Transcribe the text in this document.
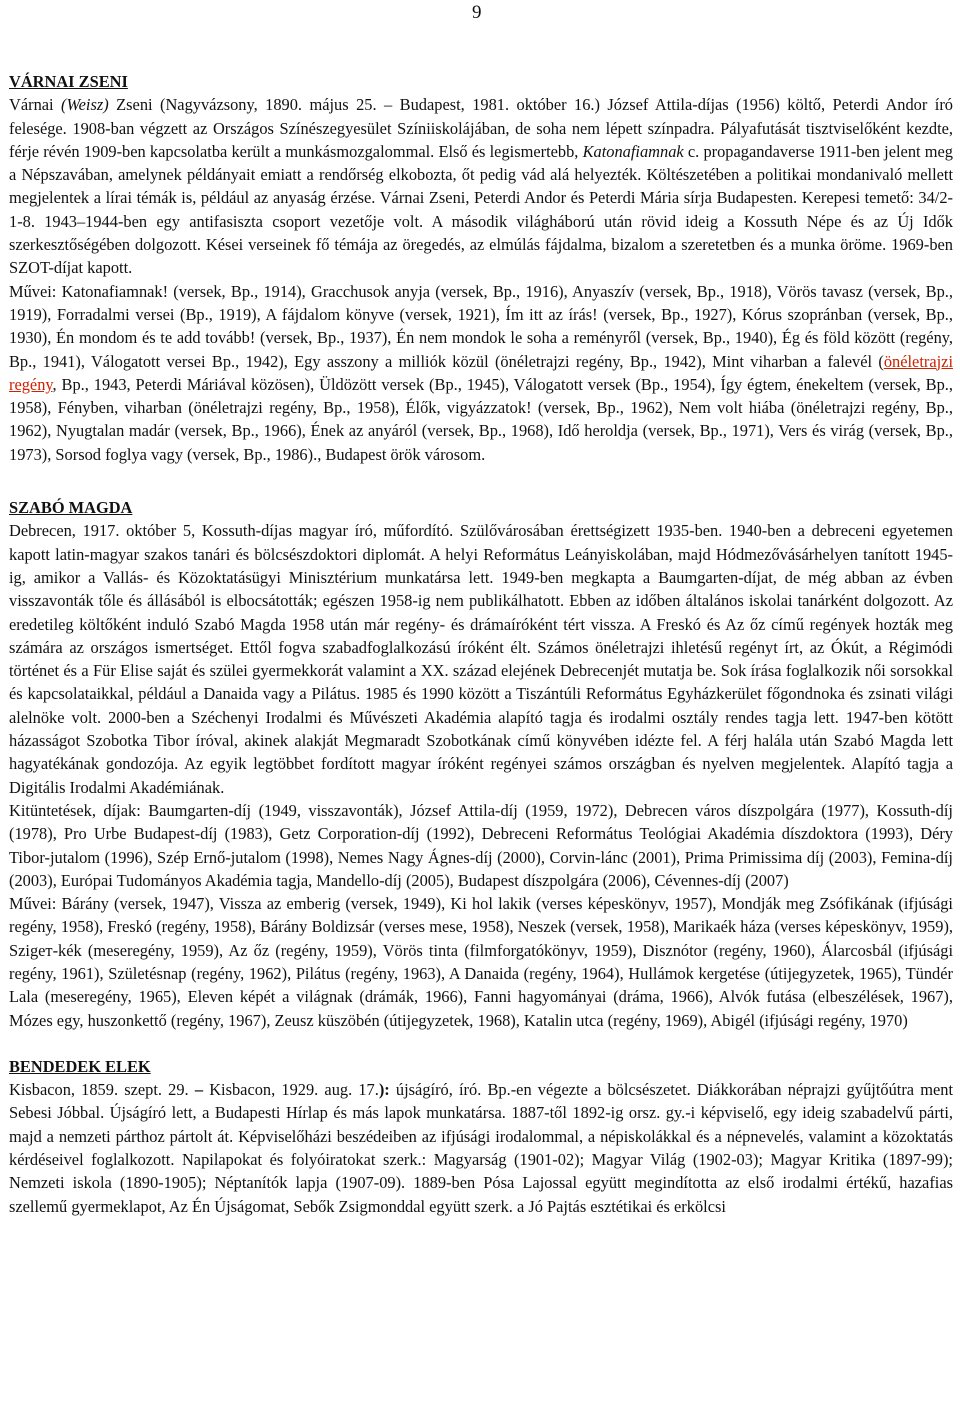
9
VÁRNAI ZSENI

Várnai (Weisz) Zseni (Nagyvázsony, 1890. május 25. – Budapest, 1981. október 16.) József Attila-díjas (1956) költő, Peterdi Andor író felesége. 1908-ban végzett az Országos Színészegyesület Színiiskolájában, de soha nem lépett színpadra. Pályafutását tisztviselőként kezdte, férje révén 1909-ben kapcsolatba került a munkásmozgalommal. Első és legismertebb, Katonafiamnak c. propagandaverse 1911-ben jelent meg a Népszavában, amelynek példányait emiatt a rendőrség elkobozta, őt pedig vád alá helyezték. Költészetében a politikai mondanivaló mellett megjelentek a lírai témák is, például az anyaság érzése. Várnai Zseni, Peterdi Andor és Peterdi Mária sírja Budapesten. Kerepesi temető: 34/2-1-8. 1943–1944-ben egy antifasiszta csoport vezetője volt. A második világháború után rövid ideig a Kossuth Népe és az Új Idők szerkesztőségében dolgozott. Kései verseinek fő témája az öregedés, az elmúlás fájdalma, bizalom a szeretetben és a munka örömе. 1969-ben SZOT-díjat kapott.

Művei: Katonafiamnak! (versek, Bp., 1914), Gracchusok anyja (versek, Bp., 1916), Anyaszív (versek, Bp., 1918), Vörös tavasz (versek, Bp., 1919), Forradalmi versei (Bp., 1919), A fájdalom könyve (versek, 1921), Ím itt az írás! (versek, Bp., 1927), Kórus szopránban (versek, Bp., 1930), Én mondom és te add tovább! (versek, Bp., 1937), Én nem mondok le soha a reményről (versek, Bp., 1940), Ég és föld között (regény, Bp., 1941), Válogatott versei Bp., 1942), Egy asszony a milliók közül (önéletrajzi regény, Bp., 1942), Mint viharban a falevél (önéletrajzi regény, Bp., 1943, Peterdi Máriával közösen), Üldözött versek (Bp., 1945), Válogatott versek (Bp., 1954), Így égtem, énekeltem (versek, Bp., 1958), Fényben, viharban (önéletrajzi regény, Bp., 1958), Élők, vigyázzatok! (versek, Bp., 1962), Nem volt hiába (önéletrajzi regény, Bp., 1962), Nyugtalan madár (versek, Bp., 1966), Ének az anyáról (versek, Bp., 1968), Idő heroldja (versek, Bp., 1971), Vers és virág (versek, Bp., 1973), Sorsod foglya vagy (versek, Bp., 1986)., Budapest örök városom.

SZABÓ MAGDA

Debrecen, 1917. október 5, Kossuth-díjas magyar író, műfordító. Szülővárosában érettségizett 1935-ben. 1940-ben a debreceni egyetemen kapott latin-magyar szakos tanári és bölcsészdoktori diplomát. A helyi Református Leányiskolában, majd Hódmezővásárhelyen tanított 1945-ig, amikor a Vallás- és Közoktatásügyi Minisztérium munkatársa lett. 1949-ben megkapta a Baumgarten-díjat, de még abban az évben visszavonták tőle és állásából is elbocsátották; egészen 1958-ig nem publikálhatott. Ebben az időben általános iskolai tanárként dolgozott. Az eredetileg költőként induló Szabó Magda 1958 után már regény- és drámaíróként tért vissza. A Freskó és Az őz című regények hozták meg számára az országos ismertséget. Ettől fogva szabadfoglalkozású íróként élt. Számos önéletrajzi ihletésű regényt írt, az Ókút, a Régimódi történet és a Für Elise saját és szülei gyermekkorát valamint a XX. század elejének Debrecenjét mutatja be. Sok írása foglalkozik női sorsokkal és kapcsolataikkal, például a Danaida vagy a Pilátus. 1985 és 1990 között a Tiszántúli Református Egyházkerület főgondnoka és zsinati világi alelnöke volt. 2000-ben a Széchenyi Irodalmi és Művészeti Akadémia alapító tagja és irodalmi osztály rendes tagja lett. 1947-ben kötött házasságot Szobotka Tibor íróval, akinek alakját Megmaradt Szobotkának című könyvében idézte fel. A férj halála után Szabó Magda lett hagyatékának gondozója. Az egyik legtöbbet fordított magyar íróként regényei számos országban és nyelven megjelentek. Alapító tagja a Digitális Irodalmi Akadémiának.

Kitüntetések, díjak: Baumgarten-díj (1949, visszavonták), József Attila-díj (1959, 1972), Debrecen város díszpolgára (1977), Kossuth-díj (1978), Pro Urbe Budapest-díj (1983), Getz Corporation-díj (1992), Debreceni Református Teológiai Akadémia díszdoktora (1993), Déry Tibor-jutalom (1996), Szép Ernő-jutalom (1998), Nemes Nagy Ágnes-díj (2000), Corvin-lánc (2001), Prima Primissima díj (2003), Femina-díj (2003), Európai Tudományos Akadémia tagja, Mandello-díj (2005), Budapest díszpolgára (2006), Cévennes-díj (2007)

Művei: Bárány (versek, 1947), Vissza az emberig (versek, 1949), Ki hol lakik (verses képeskönyv, 1957), Mondják meg Zsófikának (ifjúsági regény, 1958), Freskó (regény, 1958), Bárány Boldizsár (verses mese, 1958), Neszek (versek, 1958), Marikaék háza (verses képeskönyv, 1959), Szigет-kék (meseregény, 1959), Az őz (regény, 1959), Vörös tinta (filmforgatókönyv, 1959), Disznótor (regény, 1960), Álarcosbál (ifjúsági regény, 1961), Születésnap (regény, 1962), Pilátus (regény, 1963), A Danaida (regény, 1964), Hullámok kergetése (útijegyzetek, 1965), Tündér Lala (meseregény, 1965), Eleven képét a világnak (drámák, 1966), Fanni hagyományai (dráma, 1966), Alvók futása (elbeszélések, 1967), Mózes egy, huszonkettő (regény, 1967), Zeusz küszöbén (útijegyzetek, 1968), Katalin utca (regény, 1969), Abigél (ifjúsági regény, 1970)

BENDEDEK ELEK

Kisbacon, 1859. szept. 29. – Kisbacon, 1929. aug. 17.): újságíró, író. Bp.-en végezte a bölcsészetet. Diákkorában néprajzi gyűjtőútra ment Sebesi Jóbbal. Újságíró lett, a Budapesti Hírlap és más lapok munkatársa. 1887-től 1892-ig orsz. gy.-i képviselő, egy ideig szabadelvű párti, majd a nemzeti párthoz pártolt át. Képviselőházi beszédeiben az ifjúsági irodalommal, a népiskolákkal és a népnevelés, valamint a közoktatás kérdéseivel foglalkozott. Napilapokat és folyóiratokat szerk.: Magyarság (1901-02); Magyar Világ (1902-03); Magyar Kritika (1897-99); Nemzeti iskola (1890-1905); Néptanítók lapja (1907-09). 1889-ben Pósa Lajossal együtt megindította az első irodalmi értékű, hazafias szellemű gyermeklapot, Az Én Újságomat, Sebők Zsigmonddal együtt szerk. a Jó Pajtás esztétikai és erkölcsi
